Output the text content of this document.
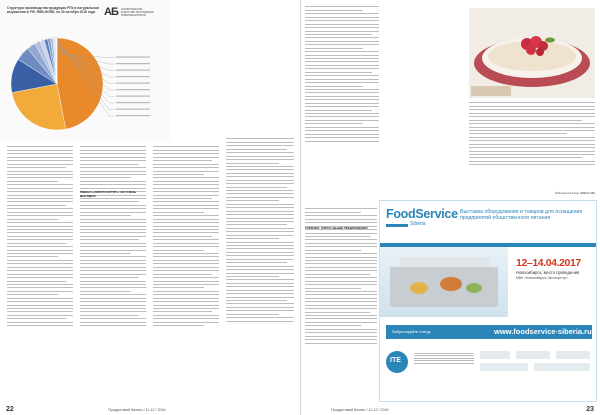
Структура производства продукции РПз в натуральном выражении в РФ, ЯНВ-НОЯБ, на 30 октября 2016 года АБ АНАЛИТИЧЕСКОЕ АГЕНТСТВО ОРГАНИЗАЦИЯ ИНФОРМАЦИОННОЙ
ПШЕНА «ЗОЛОТИ КРУПУ»: НЕ ОЧЕНЬ ВЫГОДНО
22	Продуктовый бизнес / 11-12 / 2016
ГОРЯЧЕЕ: СПРОС ВЫШЕ ПРЕДЛОЖЕНИЯ
Подготовила Елена ЧИЖАСОВА
FoodService
Siberia
Выставка оборудования и товаров для оснащения предприятий общественного питания
12–14.04.2017
Новосибирск, место проведения
МВК «Новосибирск Экспоцентр»
Забронируйте стенд:	www.foodservice-siberia.ru
ITE
Продуктовый бизнес / 11-12 / 2016	23
